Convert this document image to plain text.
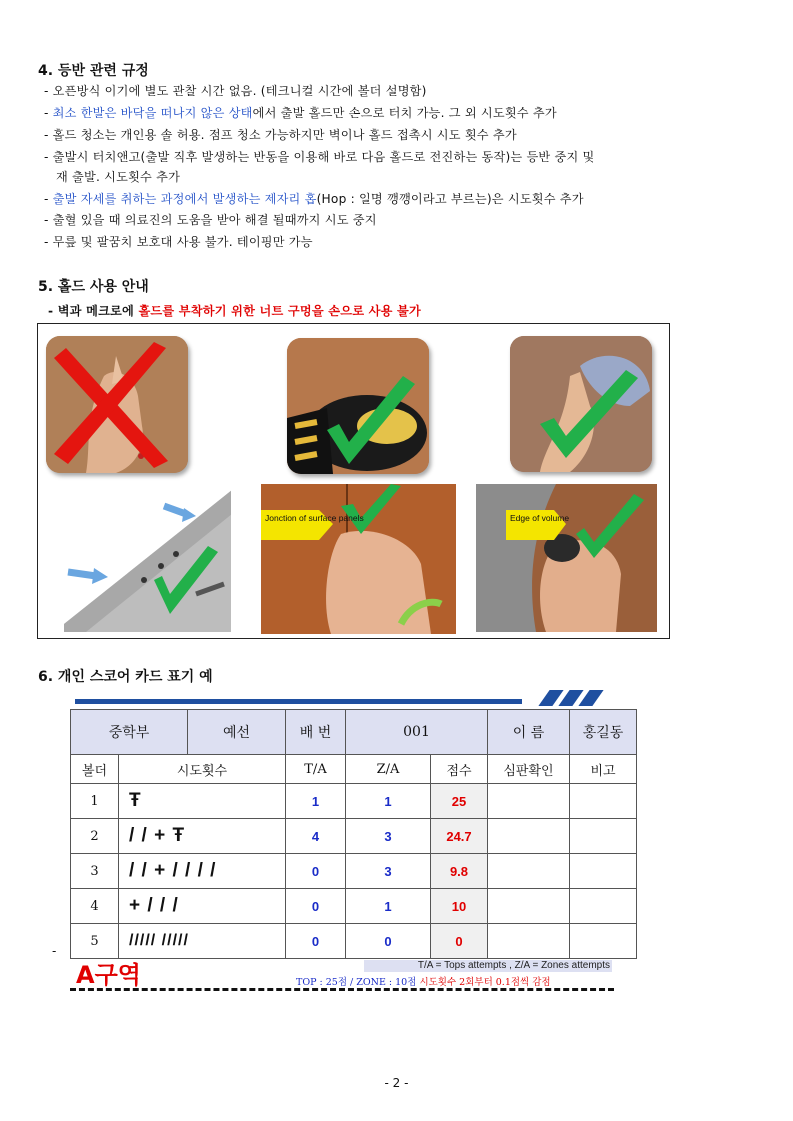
4. 등반 관련 규정
- 오픈방식 이기에 별도 관찰 시간 없음. (테크니컬 시간에 볼더 설명함)
- 최소 한발은 바닥을 떠나지 않은 상태에서 출발 홀드만 손으로 터치 가능. 그 외 시도횟수 추가
- 홀드 청소는 개인용 솔 허용. 점프 청소 가능하지만 벽이나 홀드 접촉시 시도 횟수 추가
- 출발시 터치앤고(출발 직후 발생하는 반동을 이용해 바로 다음 홀드로 전진하는 동작)는 등반 중지 및
재 출발. 시도횟수 추가
- 출발 자세를 취하는 과정에서 발생하는 제자리 홉(Hop : 일명 깽깽이라고 부르는)은 시도횟수 추가
- 출혈 있을 때 의료진의 도움을 받아 해결 될때까지 시도 중지
- 무릎 및 팔꿈치 보호대 사용 불가. 테이핑만 가능
5. 홀드 사용 안내
- 벽과 메크로에 홀드를 부착하기 위한 너트 구멍을 손으로 사용 불가
Jonction of surface panels	Edge of volume
6. 개인 스코어 카드 표기 예
중학부		예선	배 번	001		이 름	홍길동
볼더	시도횟수		T/A	Z/A	점수	심판확인	비고
1	Ŧ		1	1	25		
2	/ / + Ŧ		4	3	24.7		
3	/ / + / / / /		0	3	9.8		
4	+ / / /		0	1	10		
5	///// /////		0	0	0		
-
A구역	T/A = Tops attempts , Z/A = Zones attempts
TOP : 25점 / ZONE : 10점 시도횟수 2회부터 0.1점씩 감점
- 2 -
